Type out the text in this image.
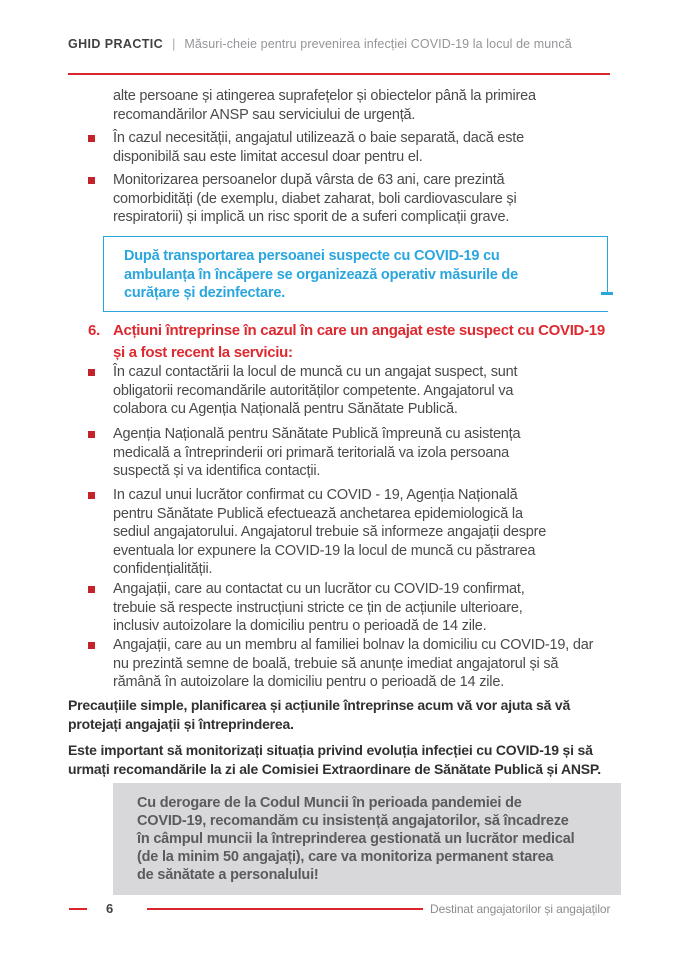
GHID PRACTIC | Măsuri-cheie pentru prevenirea infecției COVID-19 la locul de muncă
alte persoane și atingerea suprafețelor și obiectelor până la primirea
recomandărilor ANSP sau serviciului de urgență.
În cazul necesității, angajatul utilizează o baie separată, dacă este
disponibilă sau este limitat accesul doar pentru el.
Monitorizarea persoanelor după vârsta de 63 ani, care prezintă
comorbidități (de exemplu, diabet zaharat, boli cardiovasculare și
respiratorii) și implică un risc sporit de a suferi complicații grave.
După transportarea persoanei suspecte cu COVID-19 cu
ambulanța în încăpere se organizează operativ măsurile de
curățare și dezinfectare.
6. Acțiuni întreprinse în cazul în care un angajat este suspect cu COVID-19
și a fost recent la serviciu:
În cazul contactării la locul de muncă cu un angajat suspect, sunt
obligatorii recomandările autorităților competente. Angajatorul va
colabora cu Agenția Națională pentru Sănătate Publică.
Agenția Națională pentru Sănătate Publică împreună cu asistența
medicală a întreprinderii ori primară teritorială va izola persoana
suspectă și va identifica contacții.
In cazul unui lucrător confirmat cu COVID - 19, Agenția Națională
pentru Sănătate Publică efectuează anchetarea epidemiologică la
sediul angajatorului. Angajatorul trebuie să informeze angajații despre
eventuala lor expunere la COVID-19 la locul de muncă cu păstrarea
confidențialității.
Angajații, care au contactat cu un lucrător cu COVID-19 confirmat,
trebuie să respecte instrucțiuni stricte ce țin de acțiunile ulterioare,
inclusiv autoizolare la domiciliu pentru o perioadă de 14 zile.
Angajații, care au un membru al familiei bolnav la domiciliu cu COVID-19, dar
nu prezintă semne de boală, trebuie să anunțe imediat angajatorul și să
rămână în autoizolare la domiciliu pentru o perioadă de 14 zile.
Precauțiile simple, planificarea și acțiunile întreprinse acum vă vor ajuta să vă
protejați angajații și întreprinderea.
Este important să monitorizați situația privind evoluția infecției cu COVID-19 și să
urmați recomandările la zi ale Comisiei Extraordinare de Sănătate Publică și ANSP.
Cu derogare de la Codul Muncii în perioada pandemiei de
COVID-19, recomandăm cu insistență angajatorilor, să încadreze
în câmpul muncii la întreprinderea gestionată un lucrător medical
(de la minim 50 angajați), care va monitoriza permanent starea
de sănătate a personalului!
6	Destinat angajatorilor și angajaților
